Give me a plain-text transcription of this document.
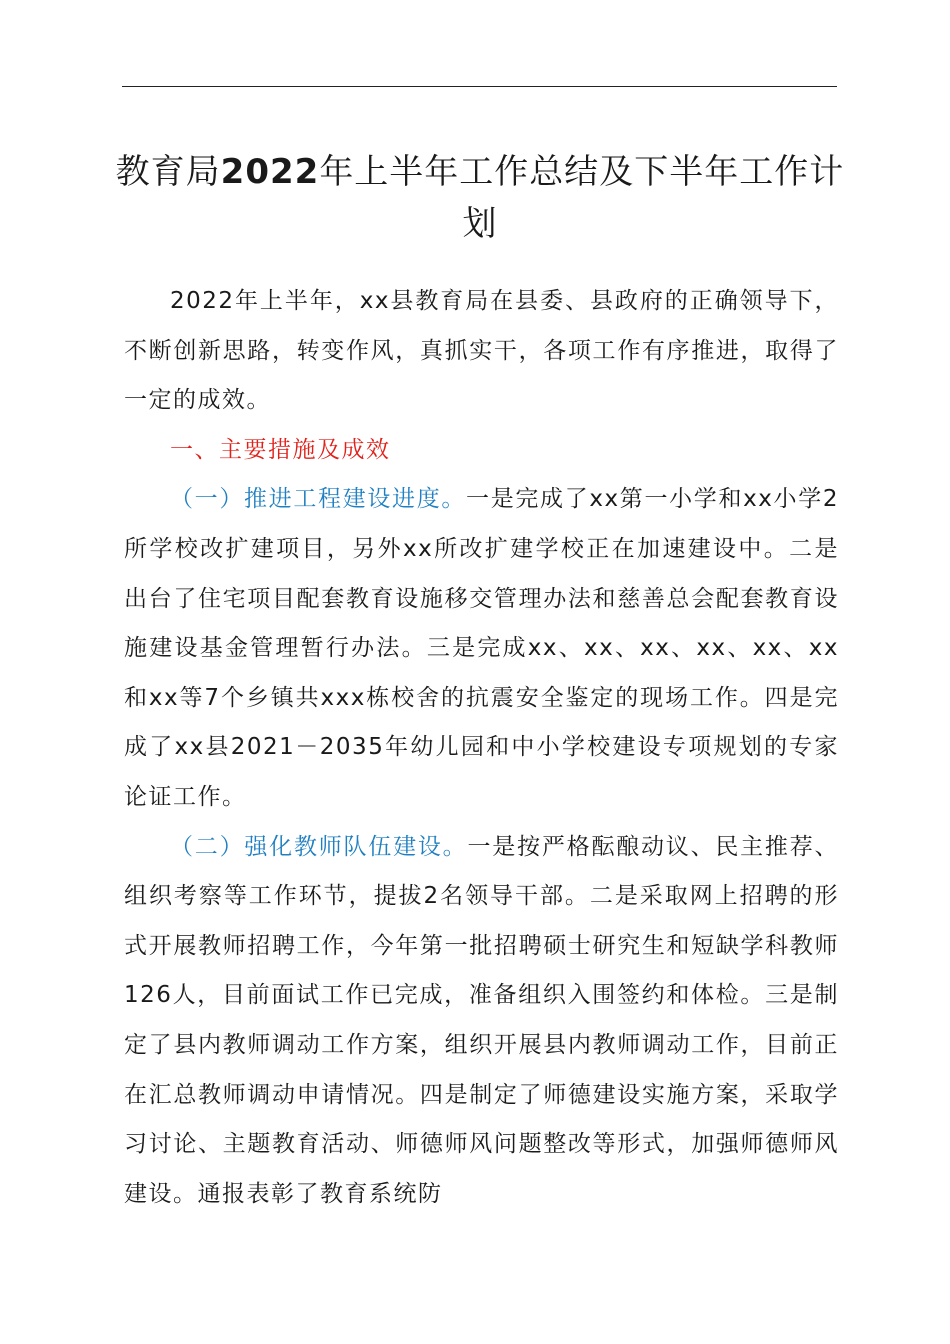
教育局2022年上半年工作总结及下半年工作计划

2022年上半年，xx县教育局在县委、县政府的正确领导下，不断创新思路，转变作风，真抓实干，各项工作有序推进，取得了一定的成效。

一、主要措施及成效

（一）推进工程建设进度。一是完成了xx第一小学和xx小学2所学校改扩建项目，另外xx所改扩建学校正在加速建设中。二是出台了住宅项目配套教育设施移交管理办法和慈善总会配套教育设施建设基金管理暂行办法。三是完成xx、xx、xx、xx、xx、xx和xx等7个乡镇共xxx栋校舍的抗震安全鉴定的现场工作。四是完成了xx县2021－2035年幼儿园和中小学校建设专项规划的专家论证工作。

（二）强化教师队伍建设。一是按严格酝酿动议、民主推荐、组织考察等工作环节，提拔2名领导干部。二是采取网上招聘的形式开展教师招聘工作，今年第一批招聘硕士研究生和短缺学科教师126人，目前面试工作已完成，准备组织入围签约和体检。三是制定了县内教师调动工作方案，组织开展县内教师调动工作，目前正在汇总教师调动申请情况。四是制定了师德建设实施方案，采取学习讨论、主题教育活动、师德师风问题整改等形式，加强师德师风建设。通报表彰了教育系统防
